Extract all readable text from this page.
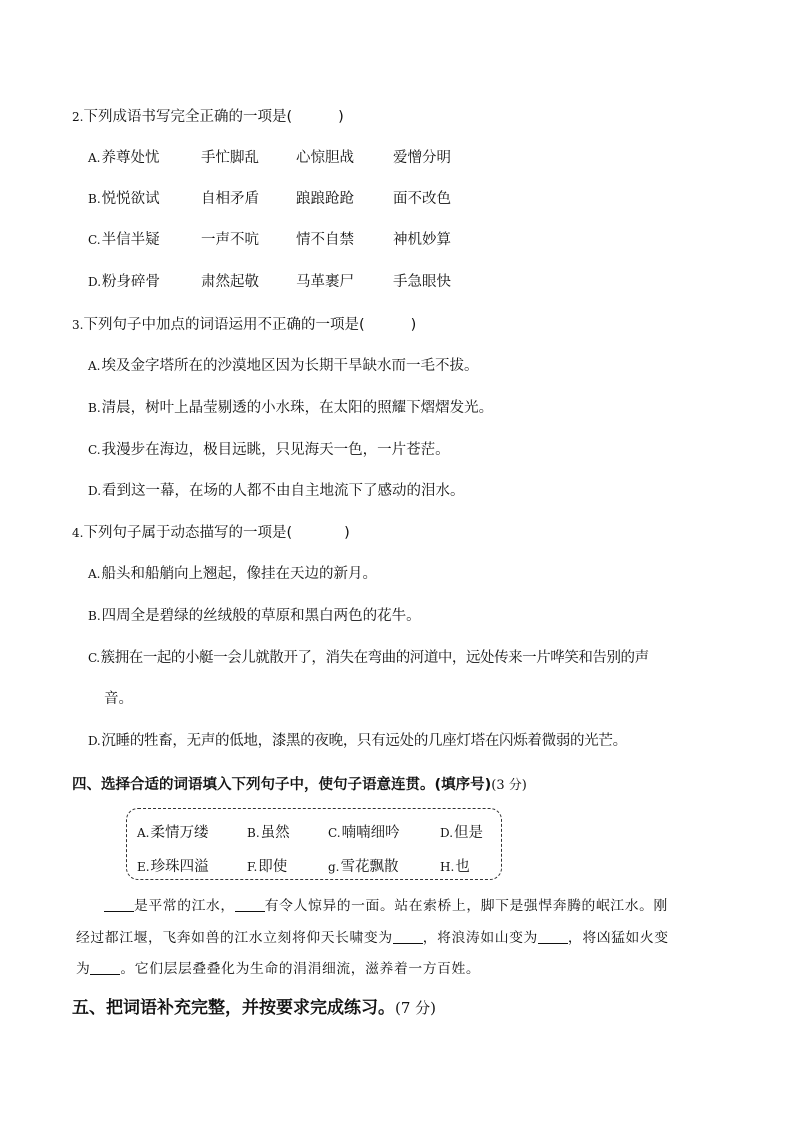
2.下列成语书写完全正确的一项是(	)
A.养尊处忧	手忙脚乱	心惊胆战	爱憎分明
B.悦悦欲试	自相矛盾	踉踉跄跄	面不改色
C.半信半疑	一声不吭	情不自禁	神机妙算
D.粉身碎骨	肃然起敬	马革裹尸	手急眼快
3.下列句子中加点的词语运用不正确的一项是(	)
A.埃及金字塔所在的沙漠地区因为长期干旱缺水而一毛不拔。
B.清晨，树叶上晶莹剔透的小水珠，在太阳的照耀下熠熠发光。
C.我漫步在海边，极目远眺，只见海天一色，一片苍茫。
D.看到这一幕，在场的人都不由自主地流下了感动的泪水。
4.下列句子属于动态描写的一项是(	)
A.船头和船艄向上翘起，像挂在天边的新月。
B.四周全是碧绿的丝绒般的草原和黑白两色的花牛。
C.簇拥在一起的小艇一会儿就散开了，消失在弯曲的河道中，远处传来一片哗笑和告别的声
音。
D.沉睡的牲畜，无声的低地，漆黑的夜晚，只有远处的几座灯塔在闪烁着微弱的光芒。
四、选择合适的词语填入下列句子中，使句子语意连贯。(填序号)(3 分)
A.柔情万缕	B.虽然	C.喃喃细吟	D.但是
E.珍珠四溢	F.即使	g.雪花飘散	H.也
是平常的江水， 有令人惊异的一面。站在索桥上，脚下是强悍奔腾的岷江水。刚
经过都江堰，飞奔如兽的江水立刻将仰天长啸变为 ，将浪涛如山变为 ，将凶猛如火变
为 。它们层层叠叠化为生命的涓涓细流，滋养着一方百姓。
五、把词语补充完整，并按要求完成练习。(7 分)
